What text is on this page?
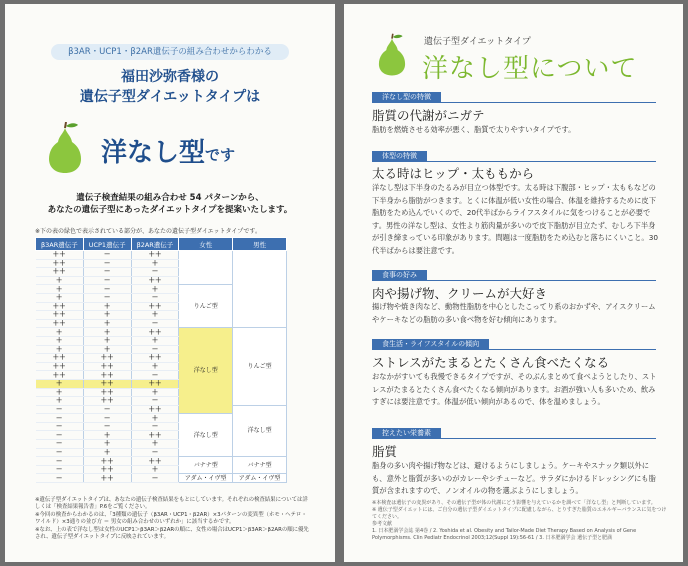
β3AR・UCP1・β2AR遺伝子の組み合わせからわかる
福田沙弥香様の
遺伝子型ダイエットタイプは
洋なし型 です
遺伝子検査結果の組み合わせ 54 パターンから、
あなたの遺伝子型にあったダイエットタイプを提案いたします。
※下の表の緑色で表示されている部分が、あなたの遺伝子型ダイエットタイプです。
β3AR遺伝子	UCP1遺伝子	β2AR遺伝子	女性	男性
＋＋	－	＋＋		
＋＋	－	＋		
＋＋	－	－		
＋	－	＋＋		
＋	－	＋	りんご型	
＋	－	－		
＋＋	＋	＋＋		
＋＋	＋	＋		
＋＋	＋	－		
＋	＋	＋＋	洋なし型	りんご型
＋	＋	＋		
＋	＋	－		
＋＋	＋＋	＋＋		
＋＋	＋＋	＋		
＋＋	＋＋	－		
＋	＋＋	＋＋		
＋	＋＋	＋		
＋	＋＋	－		
－	－	＋＋		洋なし型
－	－	＋	洋なし型	
－	－	－		
－	＋	＋＋		
－	＋	＋		
－	＋	－		
－	＋＋	＋＋	バナナ型	バナナ型
－	＋＋	＋		
－	＋＋	－	アダム・イヴ型	アダム・イヴ型
※遺伝子型ダイエットタイプは、あなたの遺伝子検査結果をもとにしています。それぞれの検査結果については詳しくは「検査結果報告書」P.6をご覧ください。
※今回の検査からわかるのは、「3種類の遺伝子（β3AR・UCP1・β2AR）×3パターンの変異型（ホモ・ヘテロ・ワイルド）×3通りの並び方 ＝ 男女の組み合わせのいずれか」に該当するかです。
※なお、上の表で洋なし型は女性のUCP1＞β3AR＞β2ARの順に、女性の場合はUCP1＞β3AR＞β2ARの順に優先され、遺伝子型ダイエットタイプに反映されています。
遺伝子型ダイエットタイプ
洋なし型について
洋なし型の特徴
脂質の代謝がニガテ
脂肪を燃焼させる効率が悪く、脂質で太りやすいタイプです。
体型の特徴
太る時はヒップ・太ももから
洋なし型は下半身のたるみが目立つ体型です。太る時は下腹部・ヒップ・太ももなどの下半身から脂肪がつきます。とくに体温が低い女性の場合、体温を維持するために皮下脂肪をため込んでいくので、20代半ばからライフスタイルに気をつけることが必要です。男性の洋なし型は、女性より筋肉量が多いので皮下脂肪が目立たず、むしろ下半身が引き締まっている印象があります。問題は一度脂肪をため込むと落ちにくいこと。30代半ばからは要注意です。
食事の好み
肉や揚げ物、クリームが大好き
揚げ物や焼き肉など、動物性脂肪を中心としたこってり系のおかずや、アイスクリームやケーキなどの脂肪の多い食べ物を好む傾向にあります。
食生活・ライフスタイルの傾向
ストレスがたまるとたくさん食べたくなる
おなかがすいても我慢できるタイプですが、そのぶんまとめて食べようとしたり、ストレスがたまるとたくさん食べたくなる傾向があります。お酒が強い人も多いため、飲みすぎには要注意です。体温が低い傾向があるので、体を温めましょう。
控えたい栄養素
脂質
脂身の多い肉や揚げ物などは、避けるようにしましょう。ケーキやスナック類以外にも、意外と脂質が多いのがカレーやシチューなど。サラダにかけるドレッシングにも脂質が含まれますので、ノンオイルの物を選ぶようにしましょう。
※本検査は遺伝子の変異があり、その遺伝子型が体の代謝にどう影響を与えているかを調べて「洋なし型」と判断しています。
※ 遺伝子型ダイエットには、ご自分の遺伝子型ダイエットタイプに配慮しながら、とりすぎた脂質のエネルギーバランスに気をつけてください。
参考文献
1. 日本肥満学会誌 第4巻 / 2. Yoshida et al. Obesity and Tailor-Made Diet Therapy Based on Analysis of Gene Polymorphisms. Clin Pediatr Endocrinol 2003;12(Suppl 19):56-61 / 3. 日本肥満学会 遺伝子型と肥満
